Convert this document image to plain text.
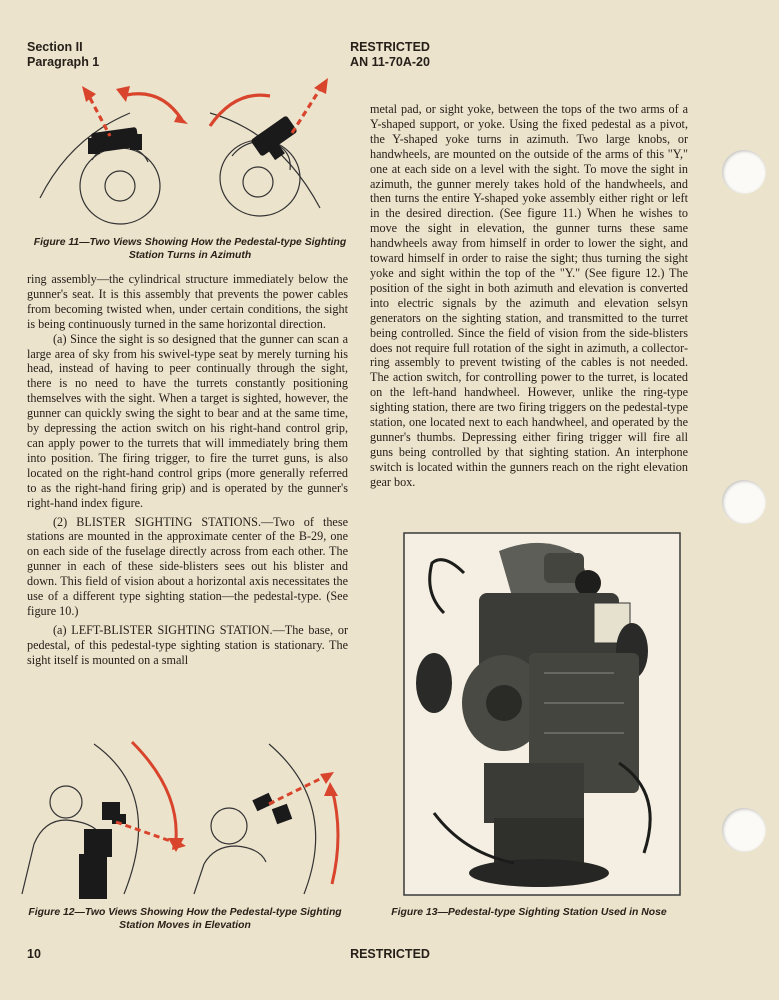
Section II
Paragraph 1
RESTRICTED
AN 11-70A-20
Figure 11—Two Views Showing How the Pedestal-type Sighting Station Turns in Azimuth

ring assembly—the cylindrical structure immediately below the gunner's seat. It is this assembly that prevents the power cables from becoming twisted when, under certain conditions, the sight is being continuously turned in the same horizontal direction.

(a) Since the sight is so designed that the gunner can scan a large area of sky from his swivel-type seat by merely turning his head, instead of having to peer continually through the sight, there is no need to have the turrets constantly positioning themselves with the sight. When a target is sighted, however, the gunner can quickly swing the sight to bear and at the same time, by depressing the action switch on his right-hand control grip, can apply power to the turrets that will immediately bring them into position. The firing trigger, to fire the turret guns, is also located on the right-hand control grips (more generally referred to as the right-hand firing grip) and is operated by the gunner's right-hand index figure.

(2) BLISTER SIGHTING STATIONS.—Two of these stations are mounted in the approximate center of the B-29, one on each side of the fuselage directly across from each other. The gunner in each of these side-blisters sees out his blister and down. This field of vision about a horizontal axis necessitates the use of a different type sighting station—the pedestal-type. (See figure 10.)

(a) LEFT-BLISTER SIGHTING STATION.—The base, or pedestal, of this pedestal-type sighting station is stationary. The sight itself is mounted on a small

Figure 12—Two Views Showing How the Pedestal-type Sighting Station Moves in Elevation

metal pad, or sight yoke, between the tops of the two arms of a Y-shaped support, or yoke. Using the fixed pedestal as a pivot, the Y-shaped yoke turns in azimuth. Two large knobs, or handwheels, are mounted on the outside of the arms of this "Y," one at each side on a level with the sight. To move the sight in azimuth, the gunner merely takes hold of the handwheels, and then turns the entire Y-shaped yoke assembly either right or left in the desired direction. (See figure 11.) When he wishes to move the sight in elevation, the gunner turns these same handwheels away from himself in order to lower the sight, and toward himself in order to raise the sight; thus turning the sight yoke and sight within the top of the "Y." (See figure 12.) The position of the sight in both azimuth and elevation is converted into electric signals by the azimuth and elevation selsyn generators on the sighting station, and transmitted to the turret being controlled. Since the field of vision from the side-blisters does not require full rotation of the sight in azimuth, a collector-ring assembly to prevent twisting of the cables is not needed. The action switch, for controlling power to the turret, is located on the left-hand handwheel. However, unlike the ring-type sighting station, there are two firing triggers on the pedestal-type station, one located next to each handwheel, and operated by the gunner's thumbs. Depressing either firing trigger will fire all guns being controlled by that sighting station. An interphone switch is located within the gunners reach on the right elevation gear box.

Figure 13—Pedestal-type Sighting Station Used in Nose
10	RESTRICTED
